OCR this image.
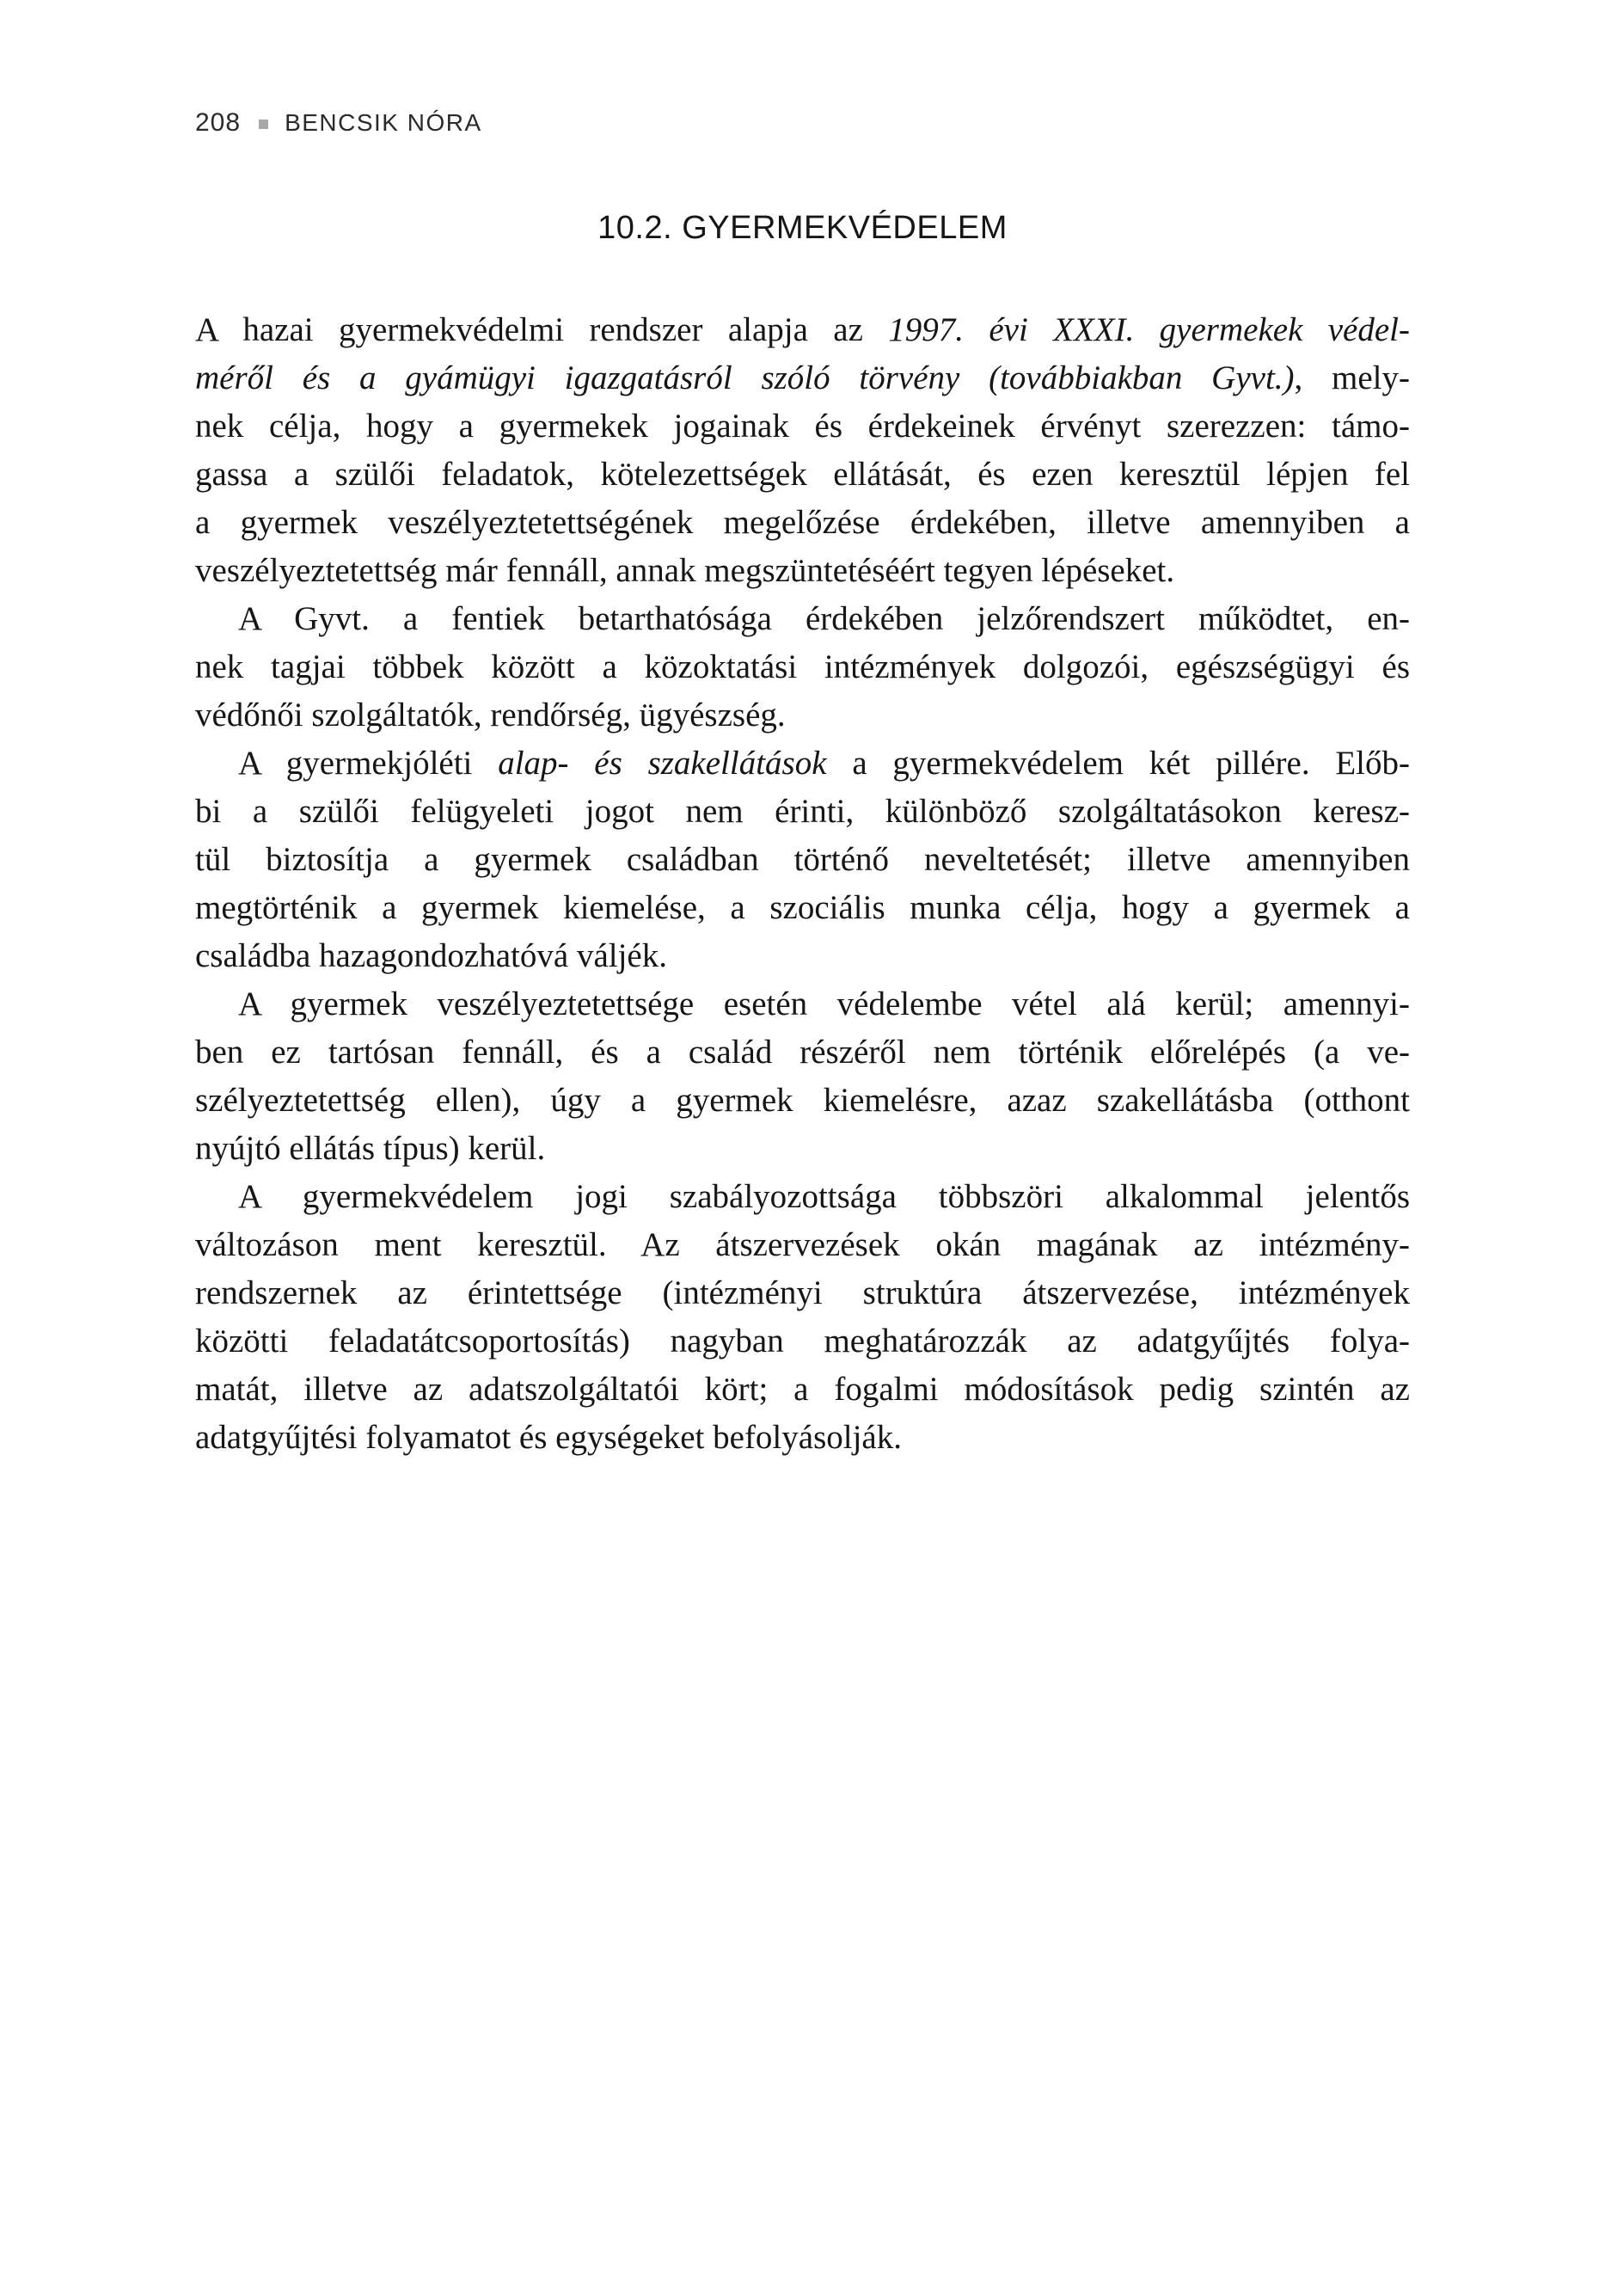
208 BENCSIK NÓRA
10.2. GYERMEKVÉDELEM
A hazai gyermekvédelmi rendszer alapja az 1997. évi XXXI. gyermekek védel-
méről és a gyámügyi igazgatásról szóló törvény (továbbiakban Gyvt.), mely-
nek célja, hogy a gyermekek jogainak és érdekeinek érvényt szerezzen: támo-
gassa a szülői feladatok, kötelezettségek ellátását, és ezen keresztül lépjen fel
a gyermek veszélyeztetettségének megelőzése érdekében, illetve amennyiben a
veszélyeztetettség már fennáll, annak megszüntetéséért tegyen lépéseket.
A Gyvt. a fentiek betarthatósága érdekében jelzőrendszert működtet, en-
nek tagjai többek között a közoktatási intézmények dolgozói, egészségügyi és
védőnői szolgáltatók, rendőrség, ügyészség.
A gyermekjóléti alap- és szakellátások a gyermekvédelem két pillére. Előb-
bi a szülői felügyeleti jogot nem érinti, különböző szolgáltatásokon keresz-
tül biztosítja a gyermek családban történő neveltetését; illetve amennyiben
megtörténik a gyermek kiemelése, a szociális munka célja, hogy a gyermek a
családba hazagondozhatóvá váljék.
A gyermek veszélyeztetettsége esetén védelembe vétel alá kerül; amennyi-
ben ez tartósan fennáll, és a család részéről nem történik előrelépés (a ve-
szélyeztetettség ellen), úgy a gyermek kiemelésre, azaz szakellátásba (otthont
nyújtó ellátás típus) kerül.
A gyermekvédelem jogi szabályozottsága többszöri alkalommal jelentős
változáson ment keresztül. Az átszervezések okán magának az intézmény-
rendszernek az érintettsége (intézményi struktúra átszervezése, intézmények
közötti feladatátcsoportosítás) nagyban meghatározzák az adatgyűjtés folya-
matát, illetve az adatszolgáltatói kört; a fogalmi módosítások pedig szintén az
adatgyűjtési folyamatot és egységeket befolyásolják.
